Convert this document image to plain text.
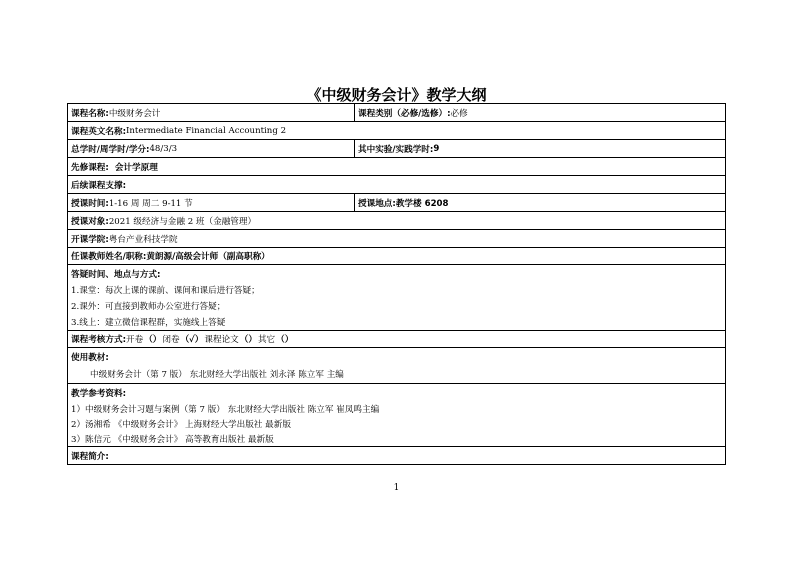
《中级财务会计》教学大纲
课程名称: 中级财务会计	课程类别（必修/选修）: 必修
课程英文名称: Intermediate Financial Accounting 2
总学时/周学时/学分: 48/3/3	其中实验/实践学时: 9
先修课程: 会计学原理
后续课程支撑:
授课时间: 1-16 周 周二 9-11 节	授课地点: 教学楼 6208
授课对象: 2021 级经济与金融 2 班（金融管理）
开课学院: 粤台产业科技学院
任课教师姓名/职称: 黄朗源/高级会计师（副高职称）
答疑时间、地点与方式:
1.课堂：每次上课的课前、课间和课后进行答疑；
2.课外：可直接到教师办公室进行答疑；
3.线上：建立微信课程群，实施线上答疑
课程考核方式: 开卷 （） 闭卷 （✓） 课程论文 （） 其它 （）
使用教材:
中级财务会计（第 7 版） 东北财经大学出版社 刘永泽 陈立军 主编
教学参考资料:
1）中级财务会计习题与案例（第 7 版） 东北财经大学出版社 陈立军 崔凤鸣主编
2）汤湘希 《中级财务会计》 上海财经大学出版社 最新版
3）陈信元 《中级财务会计》 高等教育出版社 最新版
课程简介:
1
